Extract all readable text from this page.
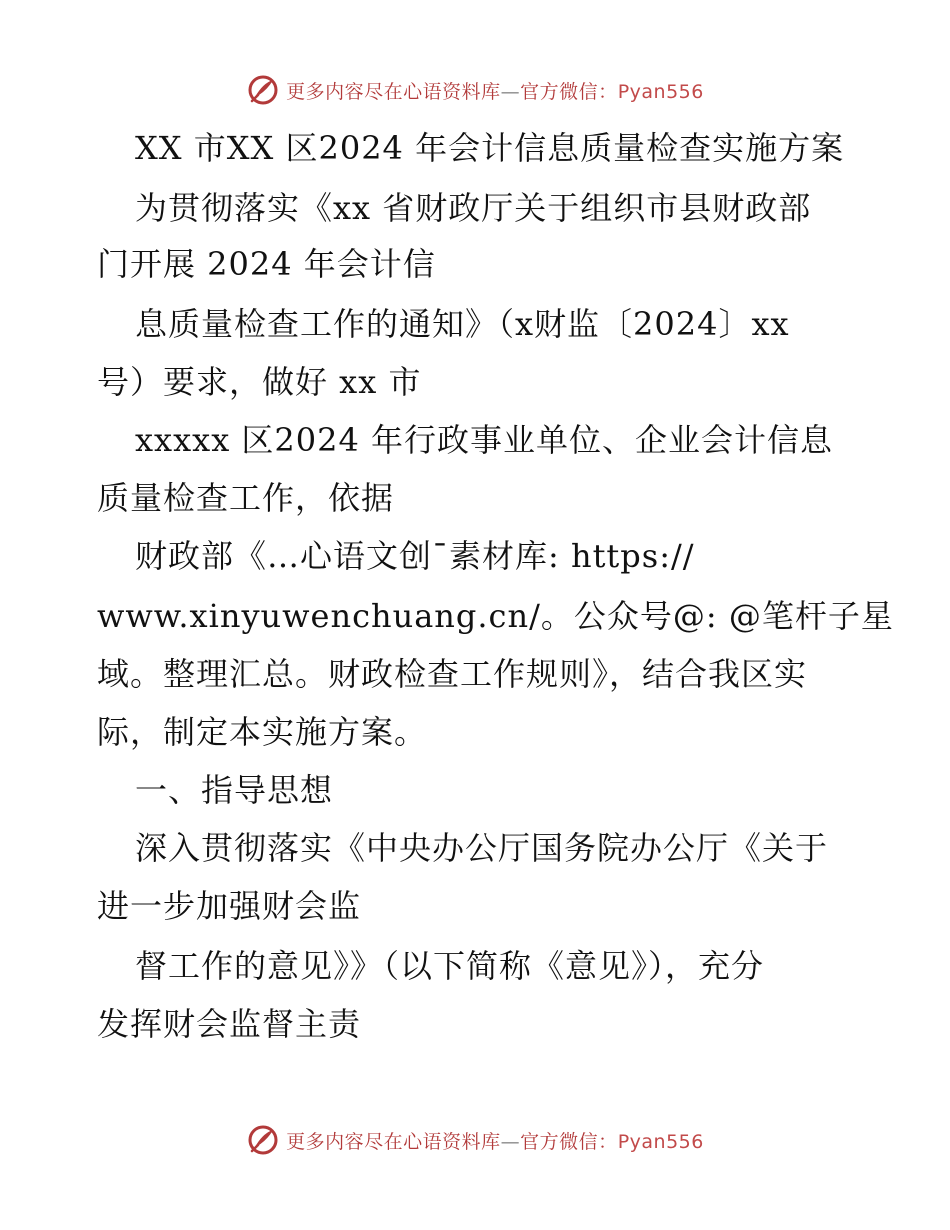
更多内容尽在心语资料库—官方微信：Pyan556
XX 市XX 区2024 年会计信息质量检查实施方案
为贯彻落实《xx 省财政厅关于组织市县财政部
门开展 2024 年会计信
息质量检查工作的通知》（x财监〔2024〕xx
号）要求，做好 xx 市
xxxxx 区2024 年行政事业单位、企业会计信息
质量检查工作，依据
财政部《…心语文创¯素材库: https://
www.xinyuwenchuang.cn/。公众号@: @笔杆子星
域。整理汇总。财政检查工作规则》，结合我区实
际，制定本实施方案。
一、指导思想
深入贯彻落实《中央办公厅国务院办公厅《关于
进一步加强财会监
督工作的意见》》（以下简称《意见》），充分
发挥财会监督主责
更多内容尽在心语资料库—官方微信：Pyan556
